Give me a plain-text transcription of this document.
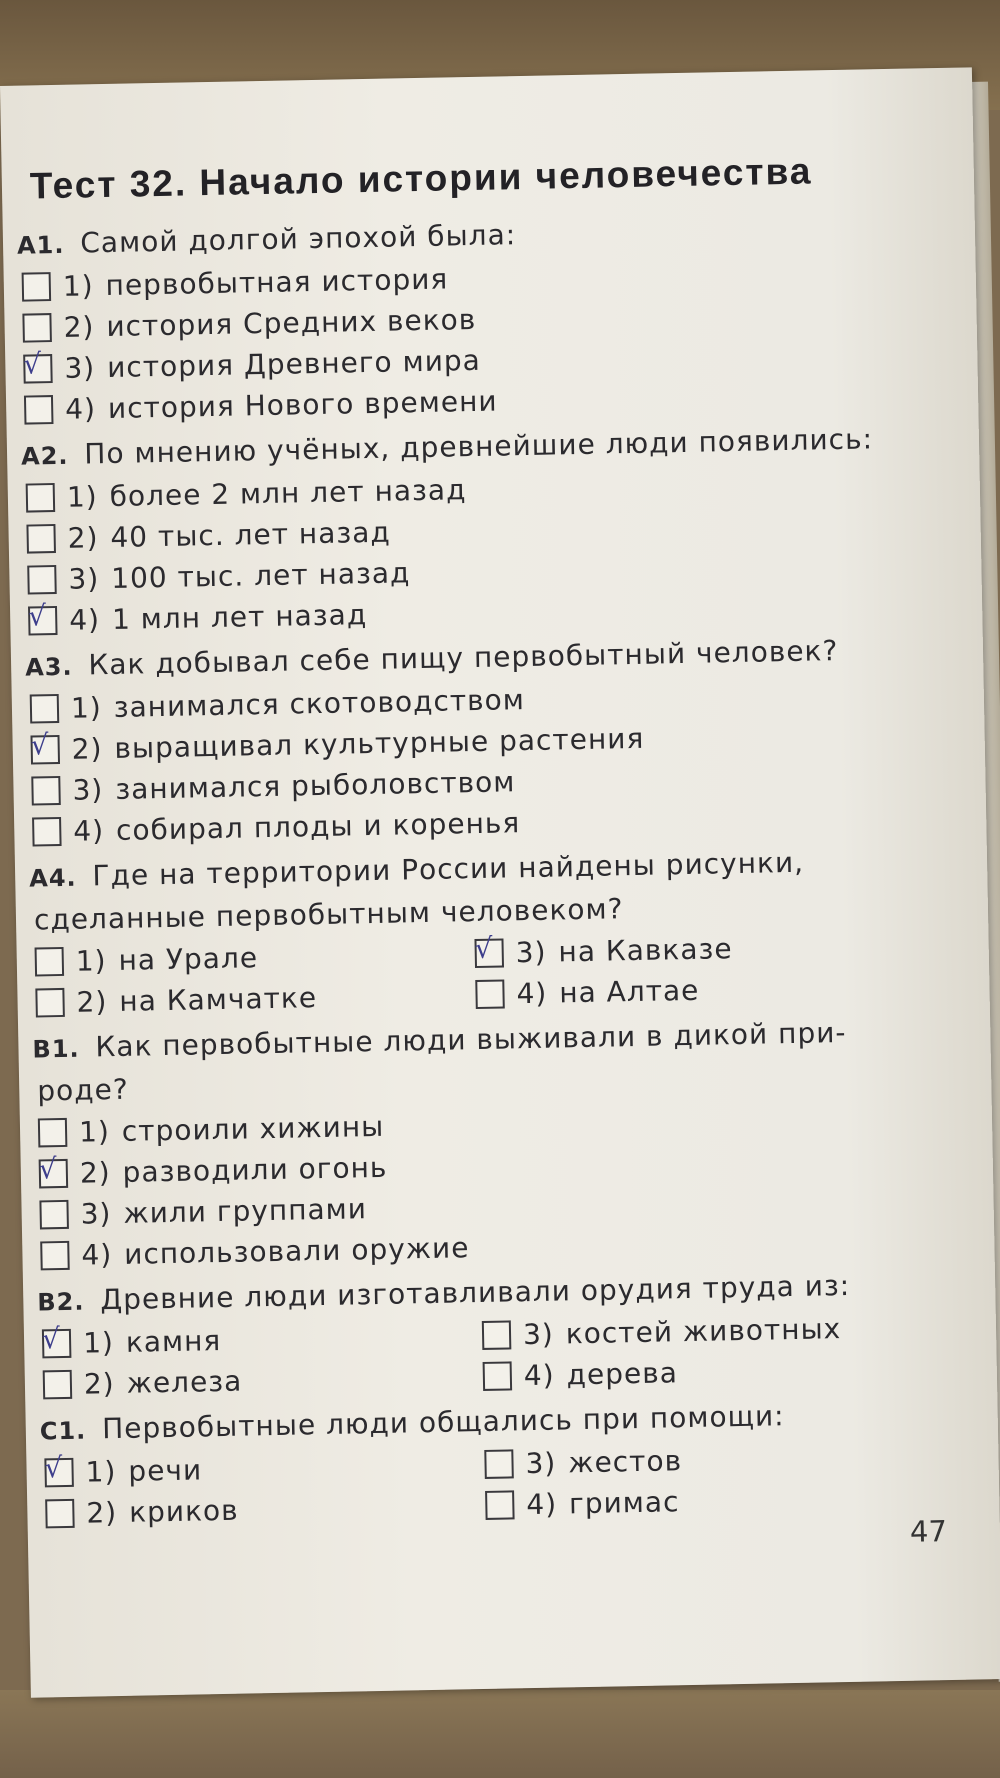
Тест 32. Начало истории человечества
А1. Самой долгой эпохой была:
1) первобытная история
2) история Средних веков
√ 3) история Древнего мира
4) история Нового времени
А2. По мнению учёных, древнейшие люди появились:
1) более 2 млн лет назад
2) 40 тыс. лет назад
3) 100 тыс. лет назад
√ 4) 1 млн лет назад
А3. Как добывал себе пищу первобытный человек?
1) занимался скотоводством
√ 2) выращивал культурные растения
3) занимался рыболовством
4) собирал плоды и коренья
А4. Где на территории России найдены рисунки,
сделанные первобытным человеком?
1) на Урале
2) на Камчатке
√ 3) на Кавказе
4) на Алтае
В1. Как первобытные люди выживали в дикой при-
роде?
1) строили хижины
√ 2) разводили огонь
3) жили группами
4) использовали оружие
В2. Древние люди изготавливали орудия труда из:
√ 1) камня
2) железа
3) костей животных
4) дерева
С1. Первобытные люди общались при помощи:
√ 1) речи
2) криков
3) жестов
4) гримас
47
